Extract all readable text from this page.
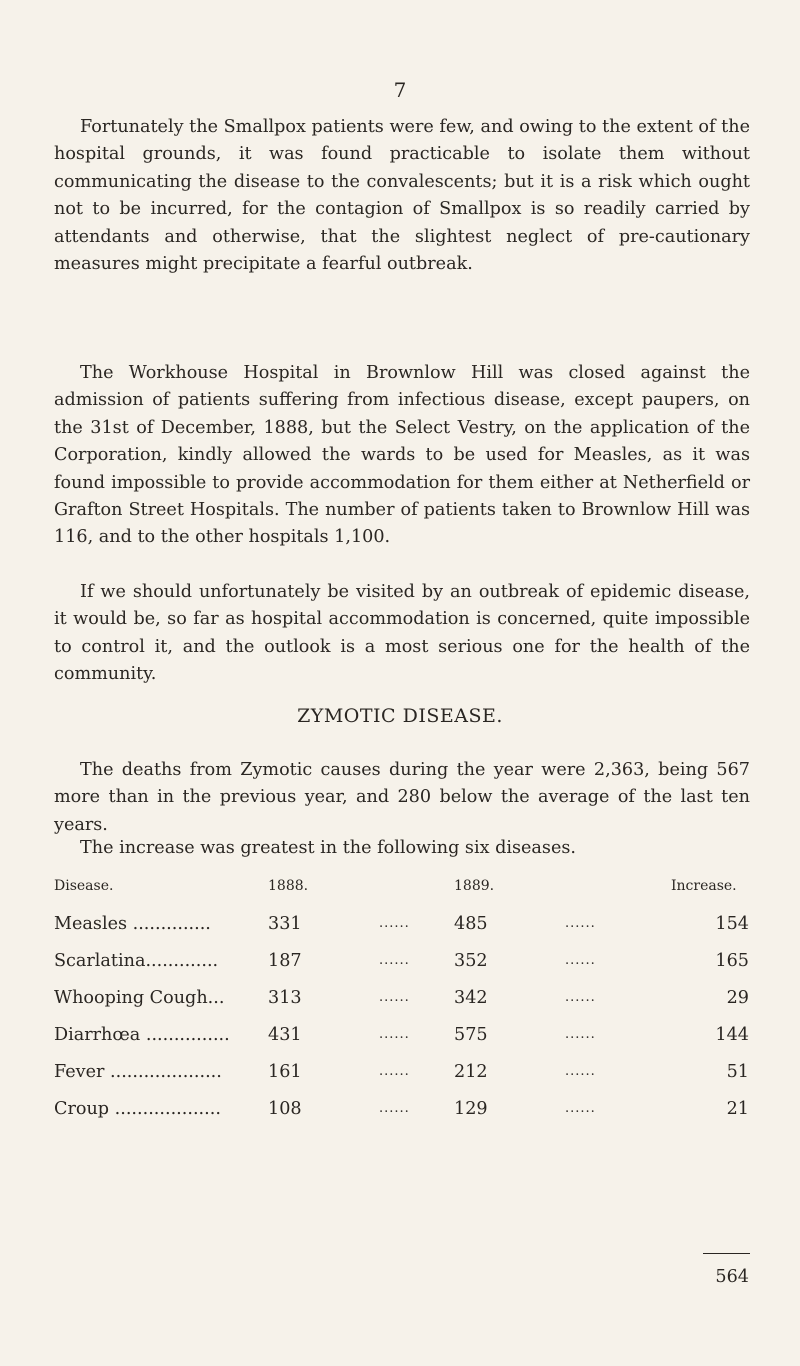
7

Fortunately the Smallpox patients were few, and owing to the extent of the hospital grounds, it was found practicable to isolate them without communicating the disease to the convalescents; but it is a risk which ought not to be incurred, for the contagion of Smallpox is so readily carried by attendants and otherwise, that the slightest neglect of pre-cautionary measures might precipitate a fearful outbreak.

The Workhouse Hospital in Brownlow Hill was closed against the admission of patients suffering from infectious disease, except paupers, on the 31st of December, 1888, but the Select Vestry, on the application of the Corporation, kindly allowed the wards to be used for Measles, as it was found impossible to provide accommodation for them either at Netherfield or Grafton Street Hospitals. The number of patients taken to Brownlow Hill was 116, and to the other hospitals 1,100.

If we should unfortunately be visited by an outbreak of epidemic disease, it would be, so far as hospital accommodation is concerned, quite impossible to control it, and the outlook is a most serious one for the health of the community.

ZYMOTIC DISEASE.

The deaths from Zymotic causes during the year were 2,363, being 567 more than in the previous year, and 280 below the average of the last ten years.

The increase was greatest in the following six diseases.

Disease.	1888.	1889.	Increase.
Measles ..............	331	......	485	......	154
Scarlatina.............	187	......	352	......	165
Whooping Cough...	313	......	342	......	29
Diarrhœa ...............	431	......	575	......	144
Fever ....................	161	......	212	......	51
Croup ...................	108	......	129	......	21
564
